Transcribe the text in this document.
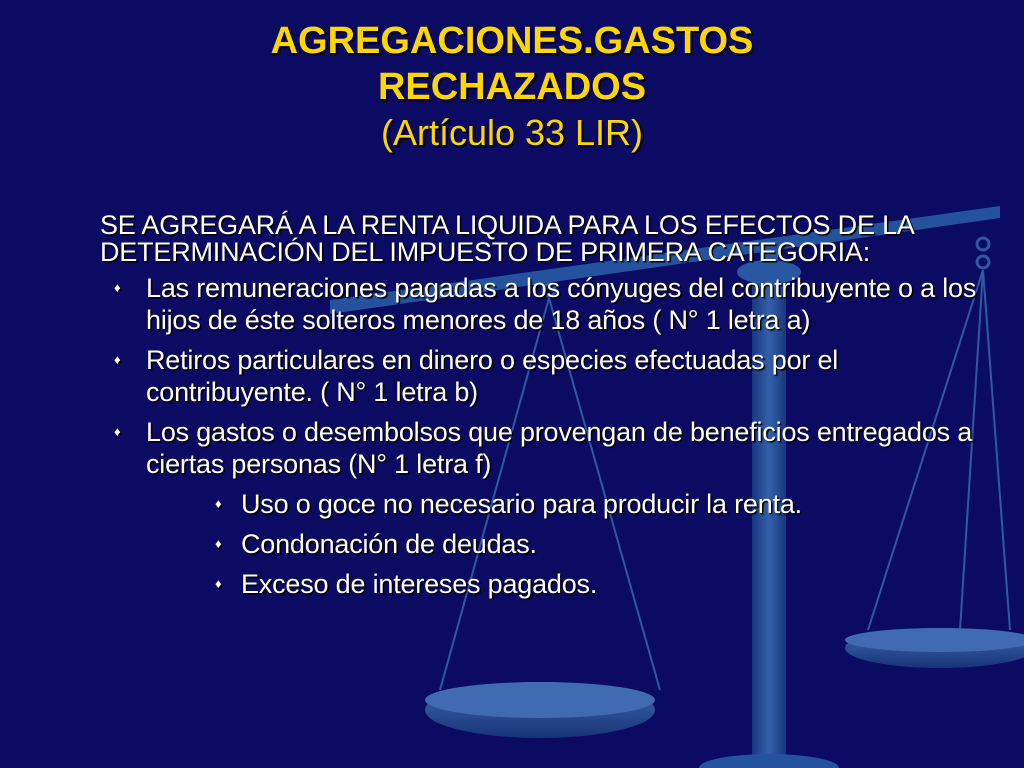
AGREGACIONES.GASTOS
RECHAZADOS
(Artículo 33 LIR)

SE AGREGARÁ A LA RENTA LIQUIDA PARA LOS EFECTOS DE LA DETERMINACIÓN DEL IMPUESTO DE PRIMERA CATEGORIA:

♦ Las remuneraciones pagadas a los cónyuges del contribuyente o a los hijos de éste solteros menores de 18 años ( N° 1 letra a)
♦ Retiros particulares en dinero o especies efectuadas por el contribuyente. ( N° 1 letra b)
♦ Los gastos o desembolsos que provengan de beneficios entregados a ciertas personas (N° 1 letra f)
♦ Uso o goce no necesario para producir la renta.
♦ Condonación de deudas.
♦ Exceso de intereses pagados.
